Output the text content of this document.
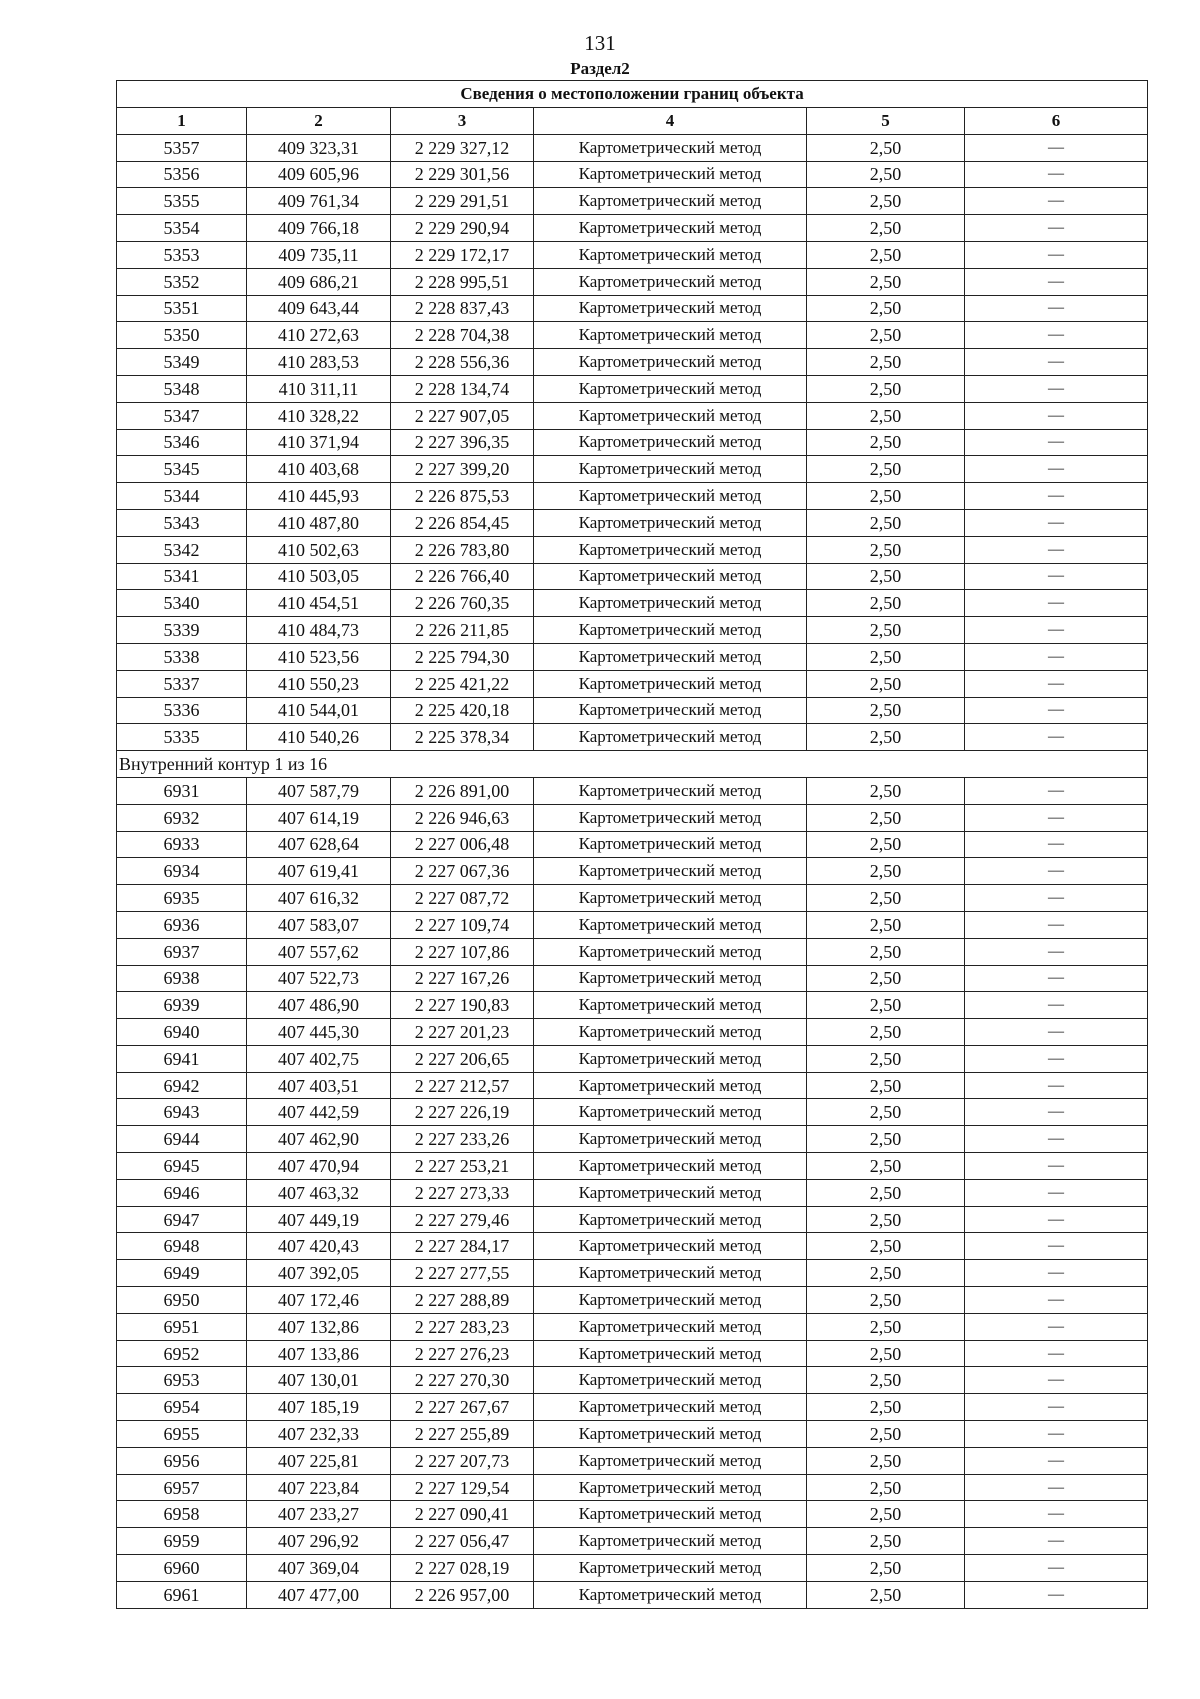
131
Раздел2
Сведения о местоположении границ объекта					
1	2	3	4	5	6
5357	409 323,31	2 229 327,12	Картометрический метод	2,50	—
5356	409 605,96	2 229 301,56	Картометрический метод	2,50	—
5355	409 761,34	2 229 291,51	Картометрический метод	2,50	—
5354	409 766,18	2 229 290,94	Картометрический метод	2,50	—
5353	409 735,11	2 229 172,17	Картометрический метод	2,50	—
5352	409 686,21	2 228 995,51	Картометрический метод	2,50	—
5351	409 643,44	2 228 837,43	Картометрический метод	2,50	—
5350	410 272,63	2 228 704,38	Картометрический метод	2,50	—
5349	410 283,53	2 228 556,36	Картометрический метод	2,50	—
5348	410 311,11	2 228 134,74	Картометрический метод	2,50	—
5347	410 328,22	2 227 907,05	Картометрический метод	2,50	—
5346	410 371,94	2 227 396,35	Картометрический метод	2,50	—
5345	410 403,68	2 227 399,20	Картометрический метод	2,50	—
5344	410 445,93	2 226 875,53	Картометрический метод	2,50	—
5343	410 487,80	2 226 854,45	Картометрический метод	2,50	—
5342	410 502,63	2 226 783,80	Картометрический метод	2,50	—
5341	410 503,05	2 226 766,40	Картометрический метод	2,50	—
5340	410 454,51	2 226 760,35	Картометрический метод	2,50	—
5339	410 484,73	2 226 211,85	Картометрический метод	2,50	—
5338	410 523,56	2 225 794,30	Картометрический метод	2,50	—
5337	410 550,23	2 225 421,22	Картометрический метод	2,50	—
5336	410 544,01	2 225 420,18	Картометрический метод	2,50	—
5335	410 540,26	2 225 378,34	Картометрический метод	2,50	—
Внутренний контур 1 из 16					
6931	407 587,79	2 226 891,00	Картометрический метод	2,50	—
6932	407 614,19	2 226 946,63	Картометрический метод	2,50	—
6933	407 628,64	2 227 006,48	Картометрический метод	2,50	—
6934	407 619,41	2 227 067,36	Картометрический метод	2,50	—
6935	407 616,32	2 227 087,72	Картометрический метод	2,50	—
6936	407 583,07	2 227 109,74	Картометрический метод	2,50	—
6937	407 557,62	2 227 107,86	Картометрический метод	2,50	—
6938	407 522,73	2 227 167,26	Картометрический метод	2,50	—
6939	407 486,90	2 227 190,83	Картометрический метод	2,50	—
6940	407 445,30	2 227 201,23	Картометрический метод	2,50	—
6941	407 402,75	2 227 206,65	Картометрический метод	2,50	—
6942	407 403,51	2 227 212,57	Картометрический метод	2,50	—
6943	407 442,59	2 227 226,19	Картометрический метод	2,50	—
6944	407 462,90	2 227 233,26	Картометрический метод	2,50	—
6945	407 470,94	2 227 253,21	Картометрический метод	2,50	—
6946	407 463,32	2 227 273,33	Картометрический метод	2,50	—
6947	407 449,19	2 227 279,46	Картометрический метод	2,50	—
6948	407 420,43	2 227 284,17	Картометрический метод	2,50	—
6949	407 392,05	2 227 277,55	Картометрический метод	2,50	—
6950	407 172,46	2 227 288,89	Картометрический метод	2,50	—
6951	407 132,86	2 227 283,23	Картометрический метод	2,50	—
6952	407 133,86	2 227 276,23	Картометрический метод	2,50	—
6953	407 130,01	2 227 270,30	Картометрический метод	2,50	—
6954	407 185,19	2 227 267,67	Картометрический метод	2,50	—
6955	407 232,33	2 227 255,89	Картометрический метод	2,50	—
6956	407 225,81	2 227 207,73	Картометрический метод	2,50	—
6957	407 223,84	2 227 129,54	Картометрический метод	2,50	—
6958	407 233,27	2 227 090,41	Картометрический метод	2,50	—
6959	407 296,92	2 227 056,47	Картометрический метод	2,50	—
6960	407 369,04	2 227 028,19	Картометрический метод	2,50	—
6961	407 477,00	2 226 957,00	Картометрический метод	2,50	—
